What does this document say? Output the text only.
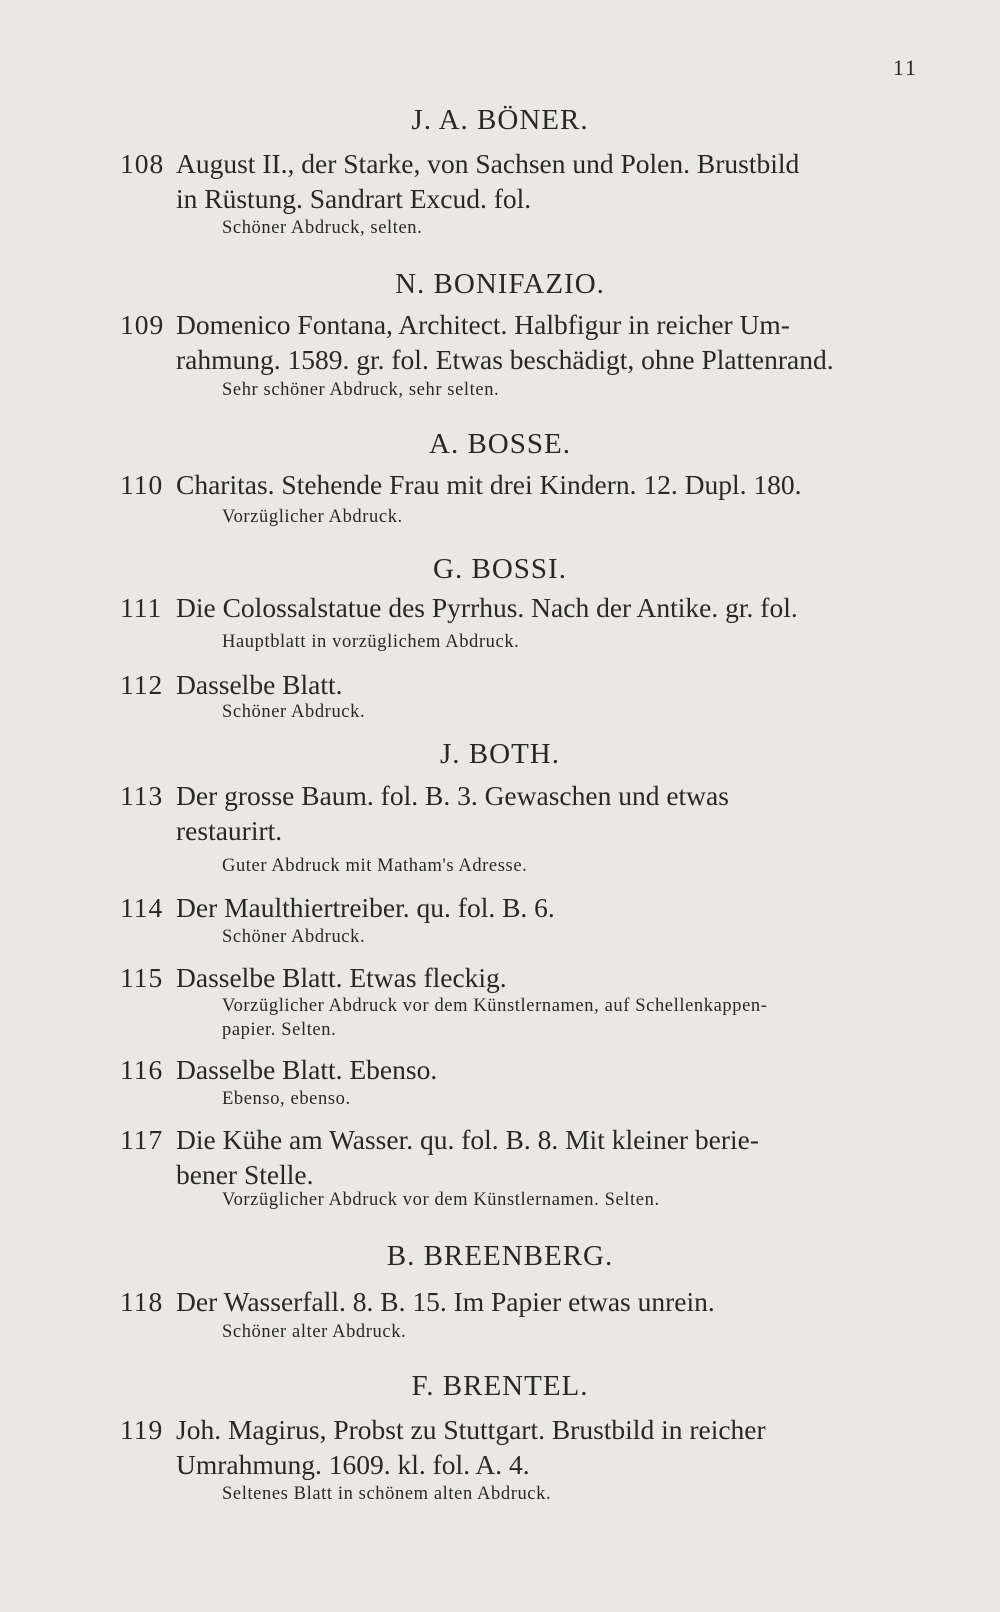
11
J. A. BÖNER.
108 August II., der Starke, von Sachsen und Polen. Brustbild
in Rüstung. Sandrart Excud. fol.
Schöner Abdruck, selten.
N. BONIFAZIO.
109 Domenico Fontana, Architect. Halbfigur in reicher Um-
rahmung. 1589. gr. fol. Etwas beschädigt, ohne Plattenrand.
Sehr schöner Abdruck, sehr selten.
A. BOSSE.
110 Charitas. Stehende Frau mit drei Kindern. 12. Dupl. 180.
Vorzüglicher Abdruck.
G. BOSSI.
111 Die Colossalstatue des Pyrrhus. Nach der Antike. gr. fol.
Hauptblatt in vorzüglichem Abdruck.
112 Dasselbe Blatt.
Schöner Abdruck.
J. BOTH.
113 Der grosse Baum. fol. B. 3. Gewaschen und etwas
restaurirt.
Guter Abdruck mit Matham's Adresse.
114 Der Maulthiertreiber. qu. fol. B. 6.
Schöner Abdruck.
115 Dasselbe Blatt. Etwas fleckig.
Vorzüglicher Abdruck vor dem Künstlernamen, auf Schellenkappen-
papier. Selten.
116 Dasselbe Blatt. Ebenso.
Ebenso, ebenso.
117 Die Kühe am Wasser. qu. fol. B. 8. Mit kleiner berie-
bener Stelle.
Vorzüglicher Abdruck vor dem Künstlernamen. Selten.
B. BREENBERG.
118 Der Wasserfall. 8. B. 15. Im Papier etwas unrein.
Schöner alter Abdruck.
F. BRENTEL.
119 Joh. Magirus, Probst zu Stuttgart. Brustbild in reicher
Umrahmung. 1609. kl. fol. A. 4.
Seltenes Blatt in schönem alten Abdruck.
